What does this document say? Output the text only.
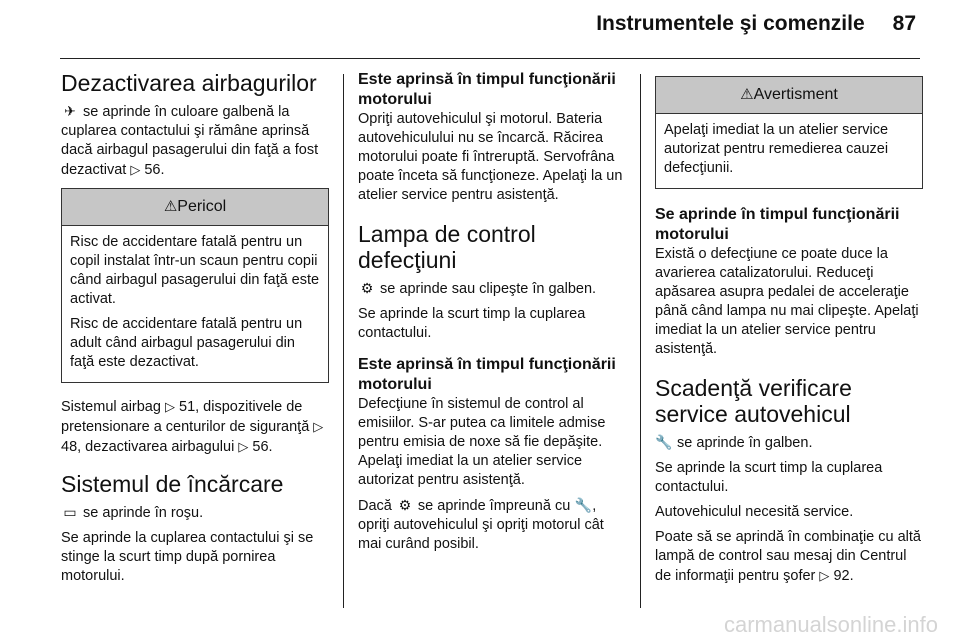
Instrumentele şi comenzile 87
Dezactivarea airbagurilor

✈ se aprinde în culoare galbenă la cuplarea contactului şi rămâne aprinsă dacă airbagul pasagerului din faţă a fost dezactivat ▷ 56.

⚠Pericol

Risc de accidentare fatală pentru un copil instalat într-un scaun pentru copii când airbagul pasagerului din faţă este activat.

Risc de accidentare fatală pentru un adult când airbagul pasagerului din faţă este dezactivat.

Sistemul airbag ▷ 51, dispozitivele de pretensionare a centurilor de siguranţă ▷ 48, dezactivarea airbagului ▷ 56.

Sistemul de încărcare

▭ se aprinde în roşu.

Se aprinde la cuplarea contactului şi se stinge la scurt timp după pornirea motorului.

Este aprinsă în timpul funcţionării motorului

Opriţi autovehiculul şi motorul. Bateria autovehiculului nu se încarcă. Răcirea motorului poate fi întreruptă. Servofrâna poate înceta să funcţioneze. Apelaţi la un atelier service pentru asistenţă.

Lampa de control defecţiuni

⚙ se aprinde sau clipeşte în galben.

Se aprinde la scurt timp la cuplarea contactului.

Este aprinsă în timpul funcţionării motorului

Defecţiune în sistemul de control al emisiilor. S-ar putea ca limitele admise pentru emisia de noxe să fie depăşite. Apelaţi imediat la un atelier service autorizat pentru asistenţă.

Dacă ⚙ se aprinde împreună cu 🔧, opriţi autovehiculul şi opriţi motorul cât mai curând posibil.

⚠Avertisment

Apelaţi imediat la un atelier service autorizat pentru remedierea cauzei defecţiunii.

Se aprinde în timpul funcţionării motorului

Există o defecţiune ce poate duce la avarierea catalizatorului. Reduceţi apăsarea asupra pedalei de acceleraţie până când lampa nu mai clipeşte. Apelaţi imediat la un atelier service pentru asistenţă.

Scadenţă verificare service autovehicul

🔧 se aprinde în galben.

Se aprinde la scurt timp la cuplarea contactului.

Autovehiculul necesită service.

Poate să se aprindă în combinaţie cu altă lampă de control sau mesaj din Centrul de informaţii pentru şofer ▷ 92.

carmanualsonline.info
